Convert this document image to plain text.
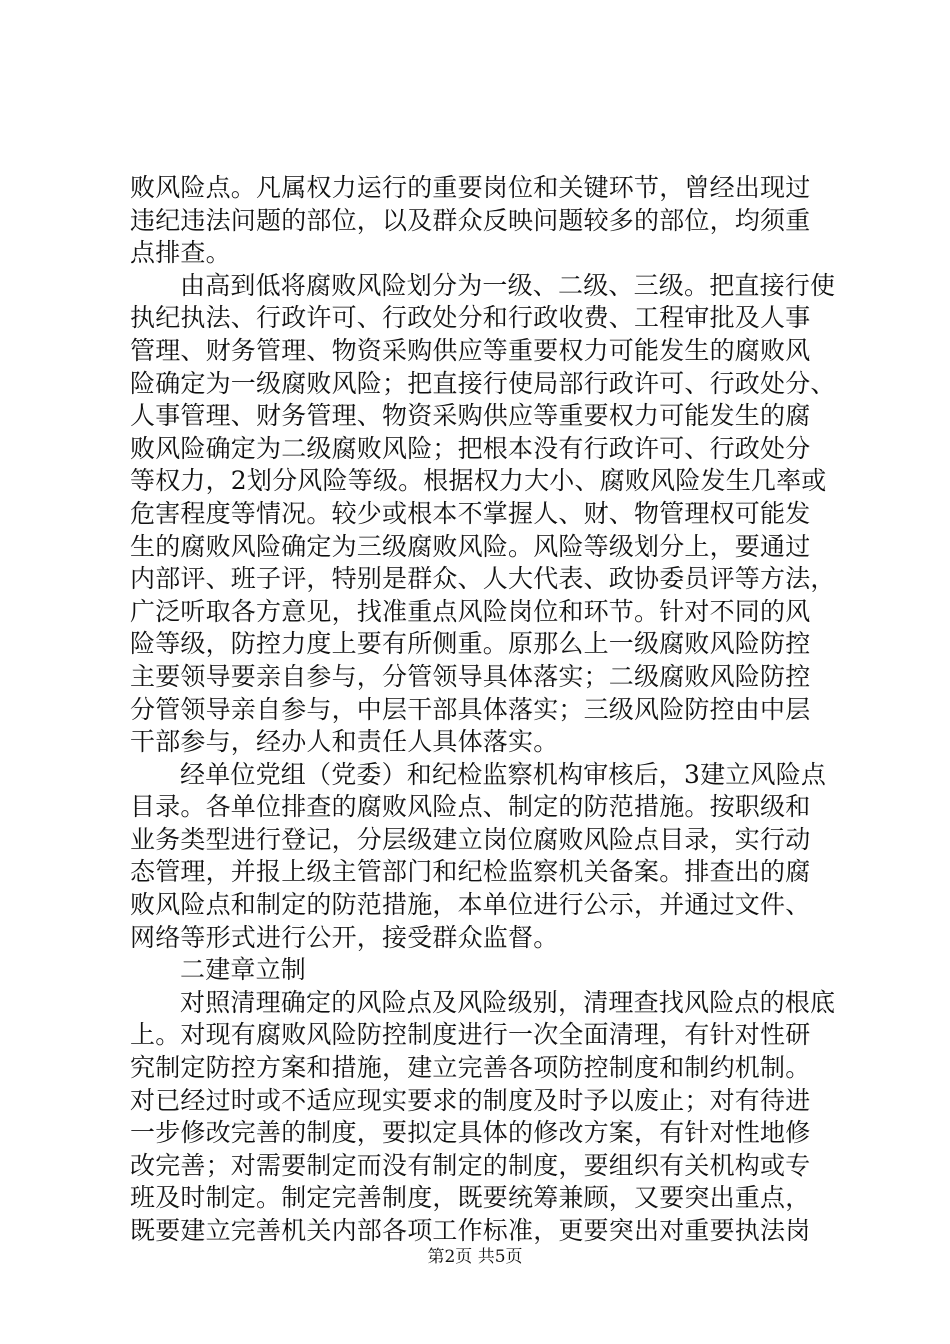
败风险点。凡属权力运行的重要岗位和关键环节，曾经出现过
违纪违法问题的部位，以及群众反映问题较多的部位，均须重
点排查。
由高到低将腐败风险划分为一级、二级、三级。把直接行使
执纪执法、行政许可、行政处分和行政收费、工程审批及人事
管理、财务管理、物资采购供应等重要权力可能发生的腐败风
险确定为一级腐败风险；把直接行使局部行政许可、行政处分、
人事管理、财务管理、物资采购供应等重要权力可能发生的腐
败风险确定为二级腐败风险；把根本没有行政许可、行政处分
等权力，2划分风险等级。根据权力大小、腐败风险发生几率或
危害程度等情况。较少或根本不掌握人、财、物管理权可能发
生的腐败风险确定为三级腐败风险。风险等级划分上，要通过
内部评、班子评，特别是群众、人大代表、政协委员评等方法，
广泛听取各方意见，找准重点风险岗位和环节。针对不同的风
险等级，防控力度上要有所侧重。原那么上一级腐败风险防控
主要领导要亲自参与，分管领导具体落实；二级腐败风险防控
分管领导亲自参与，中层干部具体落实；三级风险防控由中层
干部参与，经办人和责任人具体落实。
经单位党组（党委）和纪检监察机构审核后，3建立风险点
目录。各单位排查的腐败风险点、制定的防范措施。按职级和
业务类型进行登记，分层级建立岗位腐败风险点目录，实行动
态管理，并报上级主管部门和纪检监察机关备案。排查出的腐
败风险点和制定的防范措施，本单位进行公示，并通过文件、
网络等形式进行公开，接受群众监督。
二建章立制
对照清理确定的风险点及风险级别，清理查找风险点的根底
上。对现有腐败风险防控制度进行一次全面清理，有针对性研
究制定防控方案和措施，建立完善各项防控制度和制约机制。
对已经过时或不适应现实要求的制度及时予以废止；对有待进
一步修改完善的制度，要拟定具体的修改方案，有针对性地修
改完善；对需要制定而没有制定的制度，要组织有关机构或专
班及时制定。制定完善制度，既要统筹兼顾，又要突出重点，
既要建立完善机关内部各项工作标准，更要突出对重要执法岗
第2页 共5页
